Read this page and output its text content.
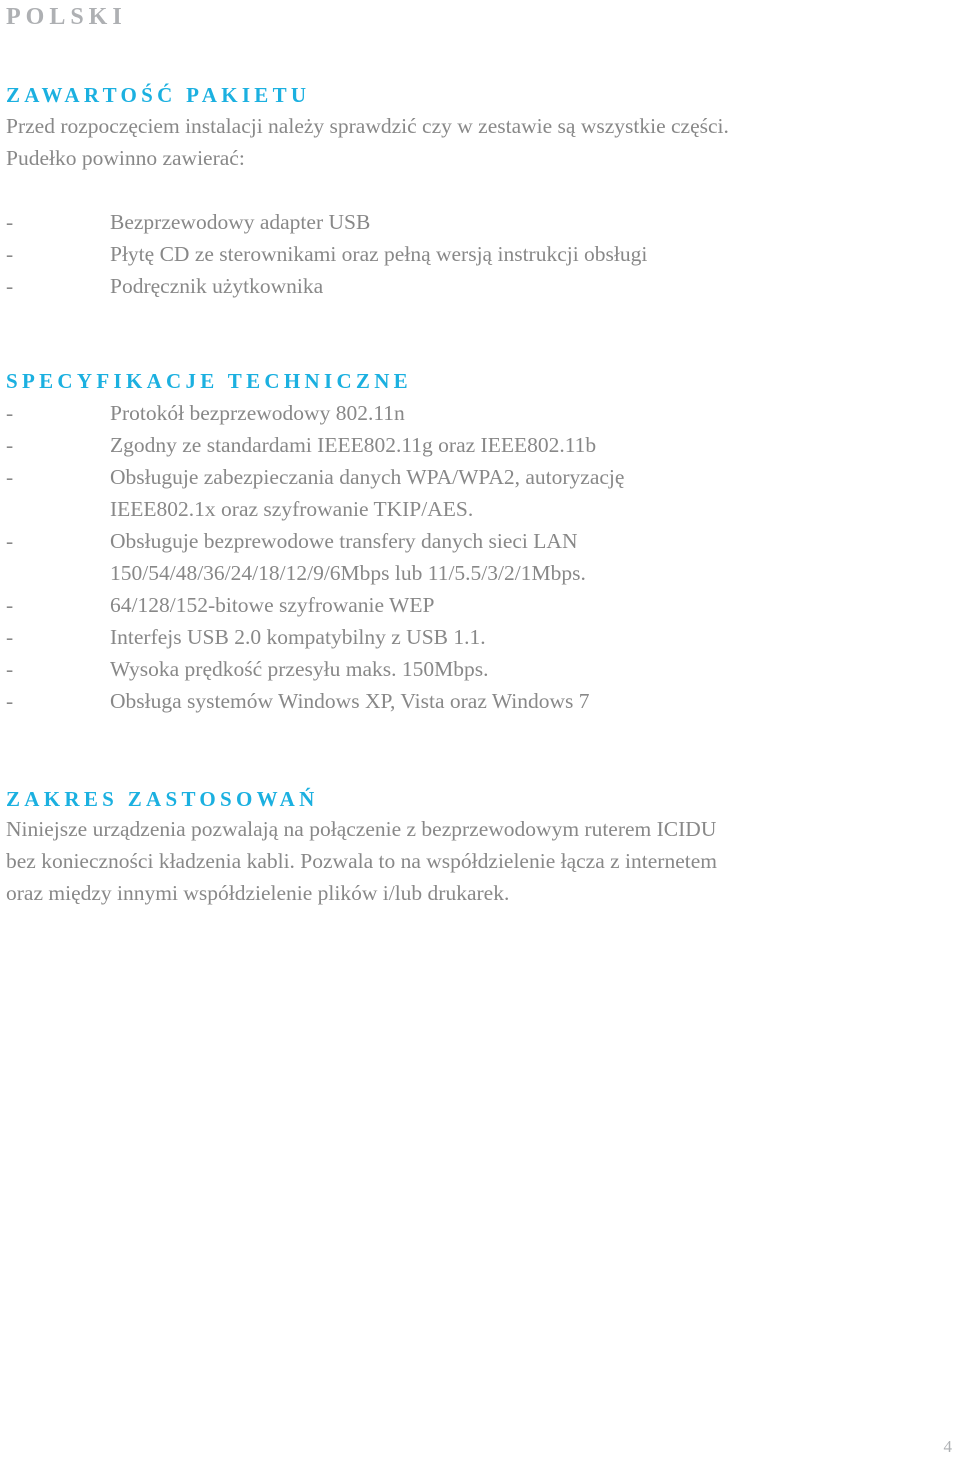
POLSKI
ZAWARTOŚĆ PAKIETU

Przed rozpoczęciem instalacji należy sprawdzić czy w zestawie są wszystkie części.

Pudełko powinno zawierać:

-	Bezprzewodowy adapter USB
-	Płytę CD ze sterownikami oraz pełną wersją instrukcji obsługi
-	Podręcznik użytkownika
SPECYFIKACJE TECHNICZNE
-	Protokół bezprzewodowy 802.11n
-	Zgodny ze standardami IEEE802.11g oraz IEEE802.11b
-	Obsługuje zabezpieczania danych WPA/WPA2, autoryzację
IEEE802.1x oraz szyfrowanie TKIP/AES.
-	Obsługuje bezprewodowe transfery danych sieci LAN
150/54/48/36/24/18/12/9/6Mbps lub 11/5.5/3/2/1Mbps.
-	64/128/152-bitowe szyfrowanie WEP
-	Interfejs USB 2.0 kompatybilny z USB 1.1.
-	Wysoka prędkość przesyłu maks. 150Mbps.
-	Obsługa systemów Windows XP, Vista oraz Windows 7
ZAKRES ZASTOSOWAŃ

Niniejsze urządzenia pozwalają na połączenie z bezprzewodowym ruterem ICIDU

bez konieczności kładzenia kabli. Pozwala to na współdzielenie łącza z internetem

oraz między innymi współdzielenie plików i/lub drukarek.

4
